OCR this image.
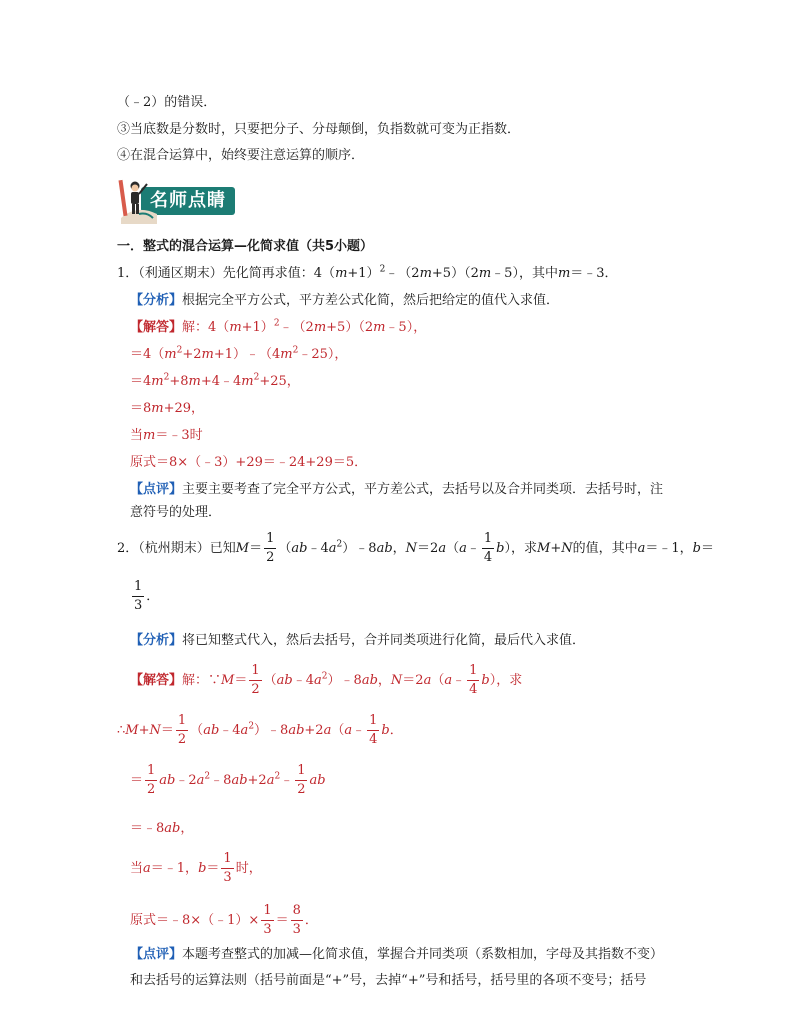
（﹣2）的错误．
③当底数是分数时，只要把分子、分母颠倒，负指数就可变为正指数．
④在混合运算中，始终要注意运算的顺序．
名师点睛
一．整式的混合运算—化简求值（共5小题）
1．（利通区期末）先化简再求值：$4(m+1)^2﹣(2m+5)(2m﹣5)$，其中m＝﹣3．
【分析】根据完全平方公式，平方差公式化简，然后把给定的值代入求值．
【解答】解：$4(m+1)^2﹣(2m+5)(2m﹣5)$，
$=4(m^2+2m+1)﹣(4m^2﹣25)$，
$=4m^2+8m+4﹣4m^2+25$，
＝8m+29，
当m＝﹣3时
原式＝8×（﹣3）+29＝﹣24+29＝5．
【点评】主要主要考查了完全平方公式，平方差公式，去括号以及合并同类项．去括号时，注
意符号的处理．
2．（杭州期末）已知$M= \frac{1}{2}$ $(ab﹣4a^2)﹣8ab$，N＝2a（a﹣ $\frac{1}{4} b$），求M+N的值，其中a＝﹣1，b＝
$\frac{1}{3}$ ．
【分析】将已知整式代入，然后去括号，合并同类项进行化简，最后代入求值．
【解答】解：∵M＝ $\frac{1}{2}$ $(ab﹣4a^2)﹣8ab$，N＝2a（a﹣ $\frac{1}{4} b$），求
∴M+N＝ $\frac{1}{2}$ $(ab﹣4a^2)﹣8ab+2a(a﹣ \frac{1}{4}$ b．
＝ $\frac{1}{2}$ $ab﹣2a^2﹣8ab+2a^2﹣ \frac{1}{2}$ ab
＝﹣8ab，
当a＝﹣1，$b= \frac{1}{3}$ 时，
原式＝﹣8×（﹣1）× $\frac{1}{3} = \frac{8}{3}$ ．
【点评】本题考查整式的加减—化简求值，掌握合并同类项（系数相加，字母及其指数不变）
和去括号的运算法则（括号前面是“+”号，去掉“+”号和括号，括号里的各项不变号；括号
